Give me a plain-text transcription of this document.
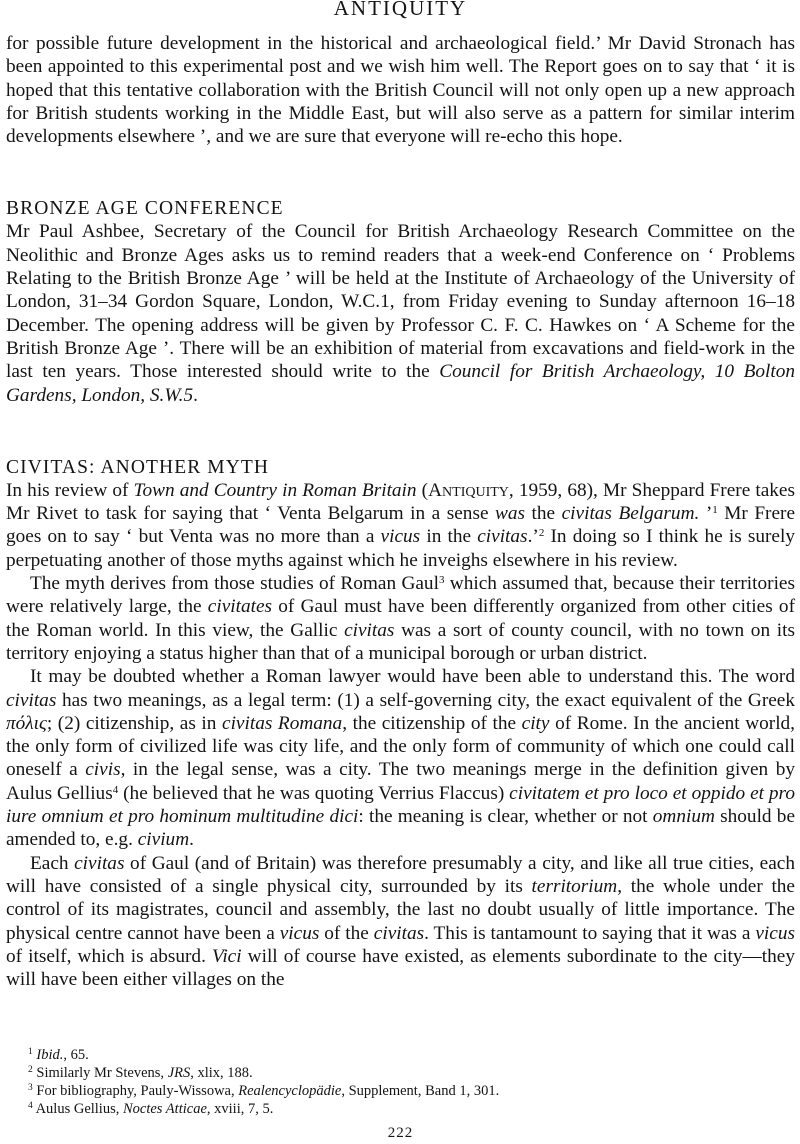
ANTIQUITY

for possible future development in the historical and archaeological field.’ Mr David Stronach has been appointed to this experimental post and we wish him well. The Report goes on to say that ‘ it is hoped that this tentative collaboration with the British Council will not only open up a new approach for British students working in the Middle East, but will also serve as a pattern for similar interim developments elsewhere ’, and we are sure that everyone will re-echo this hope.

BRONZE AGE CONFERENCE

Mr Paul Ashbee, Secretary of the Council for British Archaeology Research Committee on the Neolithic and Bronze Ages asks us to remind readers that a week-end Conference on ‘ Problems Relating to the British Bronze Age ’ will be held at the Institute of Archaeology of the University of London, 31–34 Gordon Square, London, W.C.1, from Friday evening to Sunday afternoon 16–18 December. The opening address will be given by Professor C. F. C. Hawkes on ‘ A Scheme for the British Bronze Age ’. There will be an exhibition of material from excavations and field-work in the last ten years. Those interested should write to the Council for British Archaeology, 10 Bolton Gardens, London, S.W.5.

CIVITAS: ANOTHER MYTH

In his review of Town and Country in Roman Britain (Antiquity, 1959, 68), Mr Sheppard Frere takes Mr Rivet to task for saying that ‘ Venta Belgarum in a sense was the civitas Belgarum. ’$^1$ Mr Frere goes on to say ‘ but Venta was no more than a vicus in the civitas.’$^2$ In doing so I think he is surely perpetuating another of those myths against which he inveighs elsewhere in his review.

The myth derives from those studies of Roman Gaul$^3$ which assumed that, because their territories were relatively large, the civitates of Gaul must have been differently organized from other cities of the Roman world. In this view, the Gallic civitas was a sort of county council, with no town on its territory enjoying a status higher than that of a municipal borough or urban district.

It may be doubted whether a Roman lawyer would have been able to understand this. The word civitas has two meanings, as a legal term: (1) a self-governing city, the exact equivalent of the Greek πόλις; (2) citizenship, as in civitas Romana, the citizenship of the city of Rome. In the ancient world, the only form of civilized life was city life, and the only form of community of which one could call oneself a civis, in the legal sense, was a city. The two meanings merge in the definition given by Aulus Gellius$^4$ (he believed that he was quoting Verrius Flaccus) civitatem et pro loco et oppido et pro iure omnium et pro hominum multitudine dici: the meaning is clear, whether or not omnium should be amended to, e.g. civium.

Each civitas of Gaul (and of Britain) was therefore presumably a city, and like all true cities, each will have consisted of a single physical city, surrounded by its territorium, the whole under the control of its magistrates, council and assembly, the last no doubt usually of little importance. The physical centre cannot have been a vicus of the civitas. This is tantamount to saying that it was a vicus of itself, which is absurd. Vici will of course have existed, as elements subordinate to the city—they will have been either villages on the

$^1$ Ibid., 65.

$^2$ Similarly Mr Stevens, JRS, xlix, 188.

$^3$ For bibliography, Pauly-Wissowa, Realencyclopädie, Supplement, Band 1, 301.

$^4$ Aulus Gellius, Noctes Atticae, xviii, 7, 5.

222
